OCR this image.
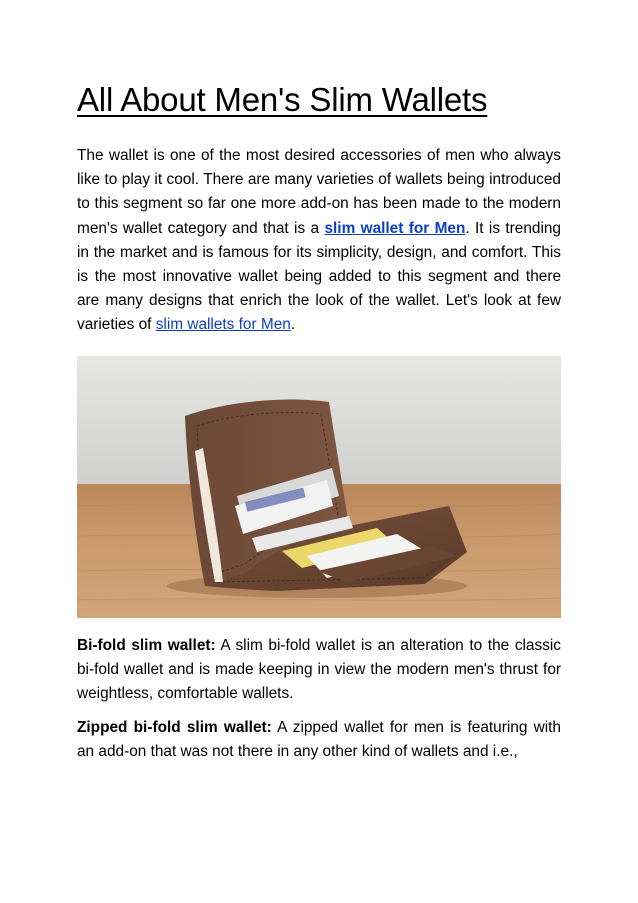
All About Men's Slim Wallets

The wallet is one of the most desired accessories of men who always like to play it cool. There are many varieties of wallets being introduced to this segment so far one more add-on has been made to the modern men's wallet category and that is a slim wallet for Men. It is trending in the market and is famous for its simplicity, design, and comfort. This is the most innovative wallet being added to this segment and there are many designs that enrich the look of the wallet. Let's look at few varieties of slim wallets for Men.

Bi-fold slim wallet: A slim bi-fold wallet is an alteration to the classic bi-fold wallet and is made keeping in view the modern men's thrust for weightless, comfortable wallets.

Zipped bi-fold slim wallet: A zipped wallet for men is featuring with an add-on that was not there in any other kind of wallets and i.e.,
